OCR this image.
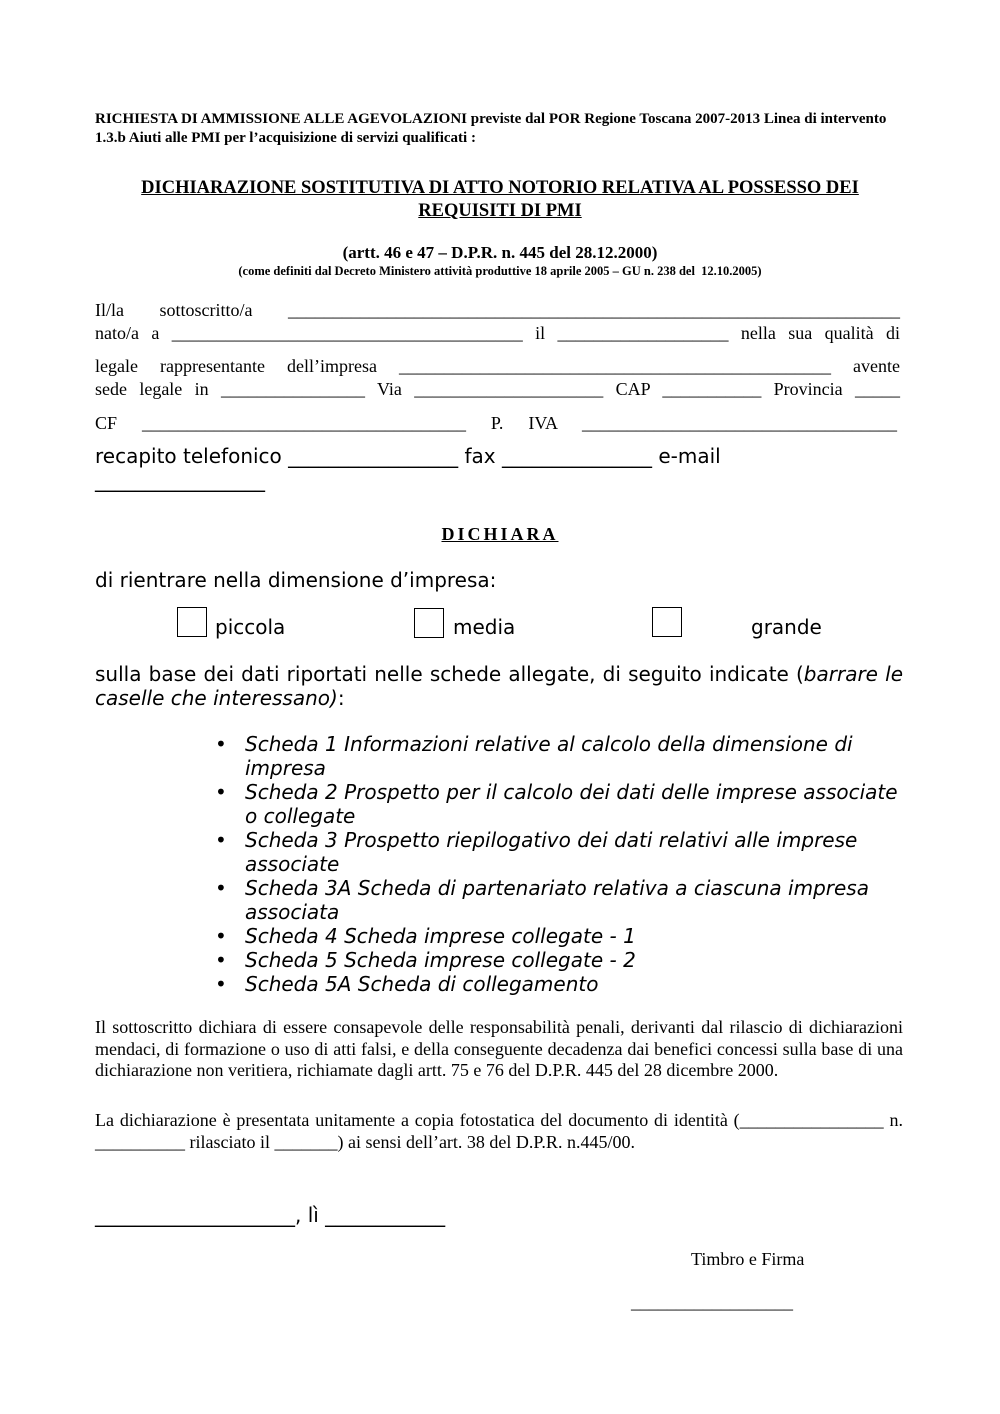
RICHIESTA DI AMMISSIONE ALLE AGEVOLAZIONI previste dal POR Regione Toscana 2007-2013 Linea di intervento 1.3.b Aiuti alle PMI per l’acquisizione di servizi qualificati :
DICHIARAZIONE SOSTITUTIVA DI ATTO NOTORIO RELATIVA AL POSSESSO DEI REQUISITI DI PMI
(artt. 46 e 47 – D.P.R. n. 445 del 28.12.2000)
(come definiti dal Decreto Ministero attività produttive 18 aprile 2005 – GU n. 238 del  12.10.2005)
Il/la sottoscritto/a ____________________________________________________________________
nato/a a _______________________________________ il ___________________ nella sua qualità di
legale rappresentante dell’impresa ________________________________________________ avente
sede legale in ________________ Via _____________________ CAP ___________ Provincia _____
CF ____________________________________ P. IVA ___________________________________
recapito telefonico _________________ fax _______________ e-mail
_________________
DICHIARA
di rientrare nella dimensione d’impresa:
piccola	media	grande
sulla base dei dati riportati nelle schede allegate, di seguito indicate (barrare le caselle che interessano):
• Scheda 1 Informazioni relative al calcolo della dimensione di impresa
• Scheda 2 Prospetto per il calcolo dei dati delle imprese associate o collegate
• Scheda 3 Prospetto riepilogativo dei dati relativi alle imprese associate
• Scheda 3A Scheda di partenariato relativa a ciascuna impresa associata
• Scheda 4 Scheda imprese collegate - 1
• Scheda 5 Scheda imprese collegate - 2
• Scheda 5A Scheda di collegamento
Il sottoscritto dichiara di essere consapevole delle responsabilità penali, derivanti dal rilascio di dichiarazioni mendaci, di formazione o uso di atti falsi, e della conseguente decadenza dai benefici concessi sulla base di una dichiarazione non veritiera, richiamate dagli artt. 75 e 76 del D.P.R. 445 del 28 dicembre 2000.
La dichiarazione è presentata unitamente a copia fotostatica del documento di identità (________________ n. __________ rilasciato il _______) ai sensi dell’art. 38 del D.P.R. n.445/00.
____________________, lì ____________
Timbro e Firma
__________________
